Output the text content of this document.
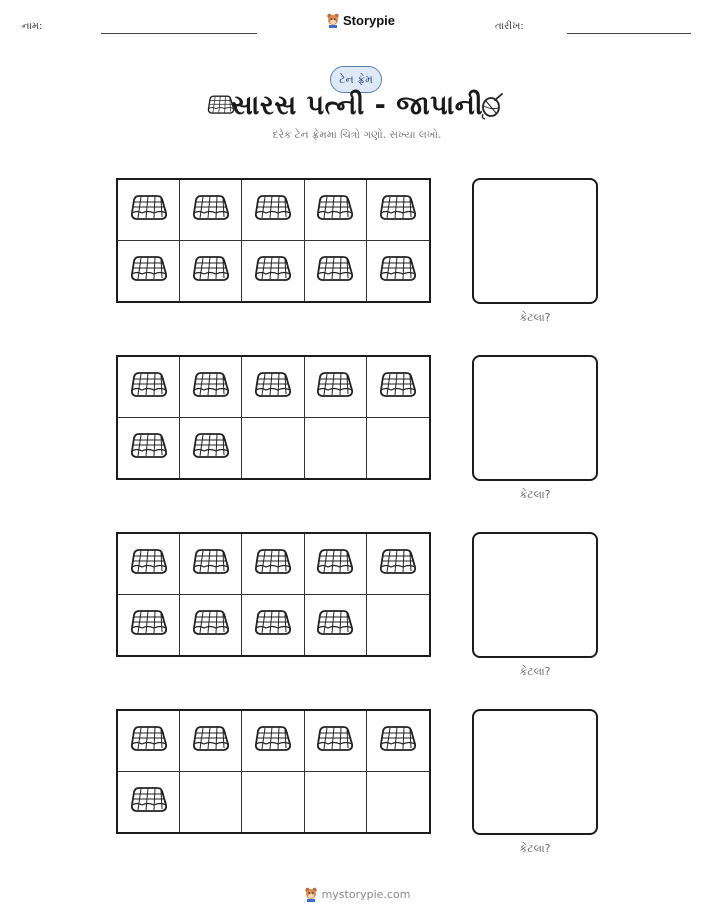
નામ:	Storypie	તારીખ:
ટેન ફ્રેમ
સારસ પત્ની - જાપાની
દરેક ટેન ફ્રેમમાં ચિત્રો ગણો. સંખ્યા લખો.
કેટલા?
કેટલા?
કેટલા?
કેટલા?
mystorypie.com
